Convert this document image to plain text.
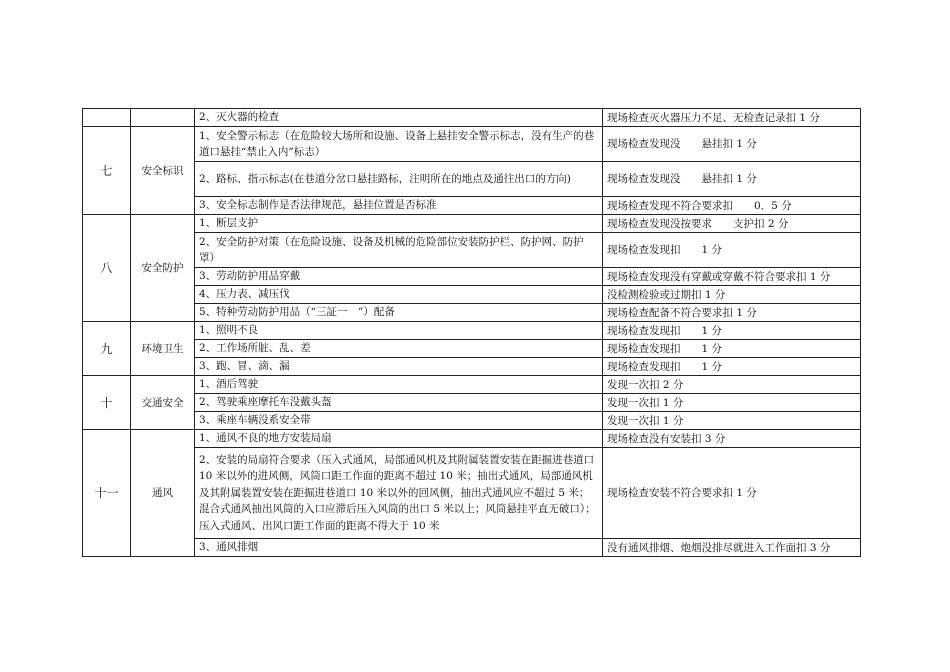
		2、灭火器的检查	现场检查灭火器压力不足、无检查记录扣 1 分
七	安全标识	1、安全警示标志（在危险较大场所和设施、设备上悬挂安全警示标志，没有生产的巷道口悬挂“禁止入内”标志）	现场检查发现没　　悬挂扣 1 分
		2、路标、指示标志(在巷道分岔口悬挂路标，注明所在的地点及通往出口的方向)	现场检查发现没　　悬挂扣 1 分
		3、安全标志制作是否法律规范，悬挂位置是否标准	现场检查发现不符合要求扣　　0．5 分
八	安全防护	1、断层支护	现场检查发现没按要求　　支护扣 2 分
		2、安全防护对策（在危险设施、设备及机械的危险部位安装防护栏、防护网、防护罩）	现场检查发现扣　　1 分
		3、劳动防护用品穿戴	现场检查发现没有穿戴或穿戴不符合要求扣 1 分
		4、压力表、减压伐	没检测检验或过期扣 1 分
		5、特种劳动防护用品（“三証一　”）配备	现场检查配备不符合要求扣 1 分
九	环境卫生	1、照明不良	现场检查发现扣　　1 分
		2、工作场所脏、乱、差	现场检查发现扣　　1 分
		3、跑、冒、滴、漏	现场检查发现扣　　1 分
十	交通安全	1、酒后驾驶	发现一次扣 2 分
		2、驾驶乘座摩托车没戴头盔	发现一次扣 1 分
		3、乘座车辆没系安全带	发现一次扣 1 分
十一	通风	1、通风不良的地方安装局扇	现场检查没有安装扣 3 分
		2、安装的局扇符合要求（压入式通风，局部通风机及其附属装置安装在距掘进巷道口 10 米以外的进风侧，风筒口距工作面的距离不超过 10 米；抽出式通风，局部通风机及其附属装置安装在距掘进巷道口 10 米以外的回风侧，抽出式通风应不超过 5 米；混合式通风抽出风筒的入口应滞后压入风筒的出口 5 米以上；风筒悬挂平直无破口）；压入式通风、出风口距工作面的距离不得大于 10 米	现场检查安装不符合要求扣 1 分
		3、通风排烟	没有通风排烟、炮烟没排尽就进入工作面扣 3 分
